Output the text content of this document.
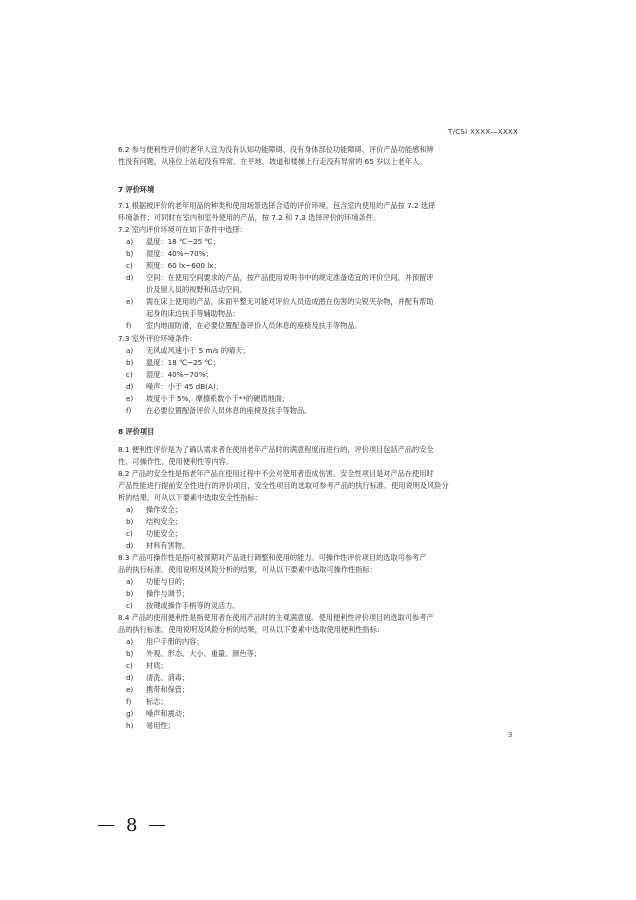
T/CSI XXXX—XXXX
6.2 参与便利性评价的老年人宜为没有认知功能障碍、没有身体部位功能障碍、评价产品功能感和辨
性没有问题，从座位上站起没有异常、在平地、坡道和楼梯上行走没有异常的 65 岁以上老年人。
7 评价环境
7.1 根据被评价的老年用品的种类和使用场景选择合适的评价环境，包含室内使用的产品按 7.2 选择
环境条件；可同时在室内和室外使用的产品，按 7.2 和 7.3 选择评价的环境条件。
7.2 室内评价环境可在如下条件中选择：
a)	温度：18 ℃~25 ℃；
b)	湿度：40%~70%；
c)	照度：60 lx~600 lx；
d)	空间：在使用空间要求的产品，按产品使用说明书中的规定准备适宜的评价空间，并预留评
价及留人员的视野和活动空间。
e)	需在床上使用的产品，床面平整无可能对评价人员造成潜在伤害的尖锐夹杂物，并配有帮助
起身的床边扶手等辅助物品；
f)	室内地面防滑，在必要位置配备评价人员休息的座椅及扶手等物品。
7.3 室外评价环境条件：
a)	无风或风速小于 5 m/s 的晴天；
b)	温度：18 ℃~25 ℃；
c)	湿度：40%~70%；
d)	噪声：小于 45 dB(A)；
e)	坡度小于 5%，摩擦系数小于**的硬质地面；
f)	在必要位置配备评价人员休息的座椅及扶手等物品。
8 评价项目
8.1 便利性评价是为了确认需求者在使用老年产品时的满意程度而进行的，评价项目包括产品的安全
性、可操作性、使用便利性等内容。
8.2 产品的安全性是指老年产品在使用过程中不会对使用者造成伤害。安全性项目是对产品在使用时
产品性能进行提前安全性进行的评价项目，安全性项目的选取可参考产品的执行标准、使用说明及风险分
析的结果，可从以下要素中选取安全性指标：
a)	操作安全；
b)	结构安全；
c)	功能安全；
d)	材料有害物。
8.3 产品可操作性是指可被预期对产品进行调整和使用的能力。可操作性评价项目的选取可参考产
品的执行标准、使用说明及风险分析的结果，可从以下要素中选取可操作性指标：
a)	功能与目的；
b)	操作与调节；
c)	按键或操作手柄等的灵活力。
8.4 产品的使用便利性是指使用者在使用产品时的主观满意度。使用便利性评价项目的选取可参考产
品的执行标准、使用说明及风险分析的结果，可从以下要素中选取使用便利性指标：
a)	用户手册的内容；
b)	外观、形态、大小、重量、颜色等；
c)	材质；
d)	清洗、消毒；
e)	携带和保管；
f)	标志；
g)	噪声和震动；
h)	易用性；
3
8
